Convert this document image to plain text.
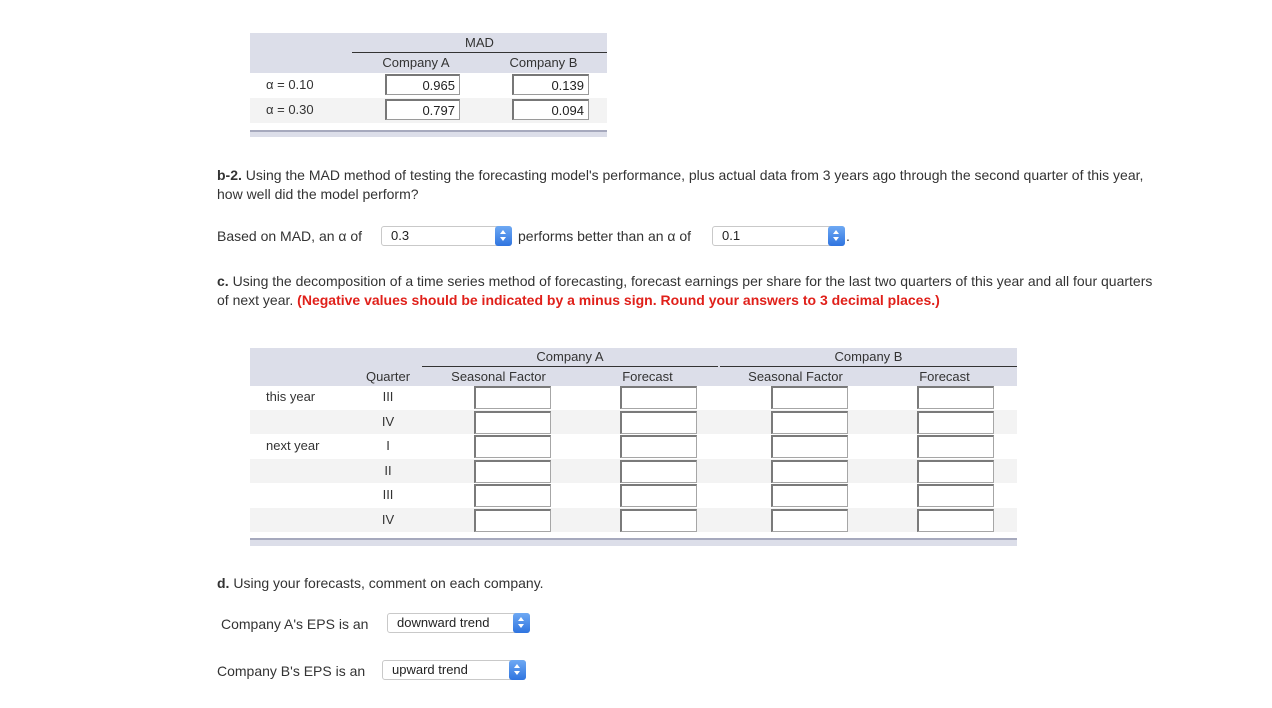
MAD
Company A	Company B
α = 0.10	0.965	0.139
α = 0.30	0.797	0.094
b-2. Using the MAD method of testing the forecasting model's performance, plus actual data from 3 years ago through the second quarter of this year, how well did the model perform?
Based on MAD, an α of	0.3	performs better than an α of	0.1	.
c. Using the decomposition of a time series method of forecasting, forecast earnings per share for the last two quarters of this year and all four quarters of next year. (Negative values should be indicated by a minus sign. Round your answers to 3 decimal places.)
Company A	Company B
Quarter	Seasonal Factor	Forecast	Seasonal Factor	Forecast
this year	III
IV
next year	I
II
III
IV
d. Using your forecasts, comment on each company.
Company A's EPS is an	downward trend
Company B's EPS is an	upward trend
